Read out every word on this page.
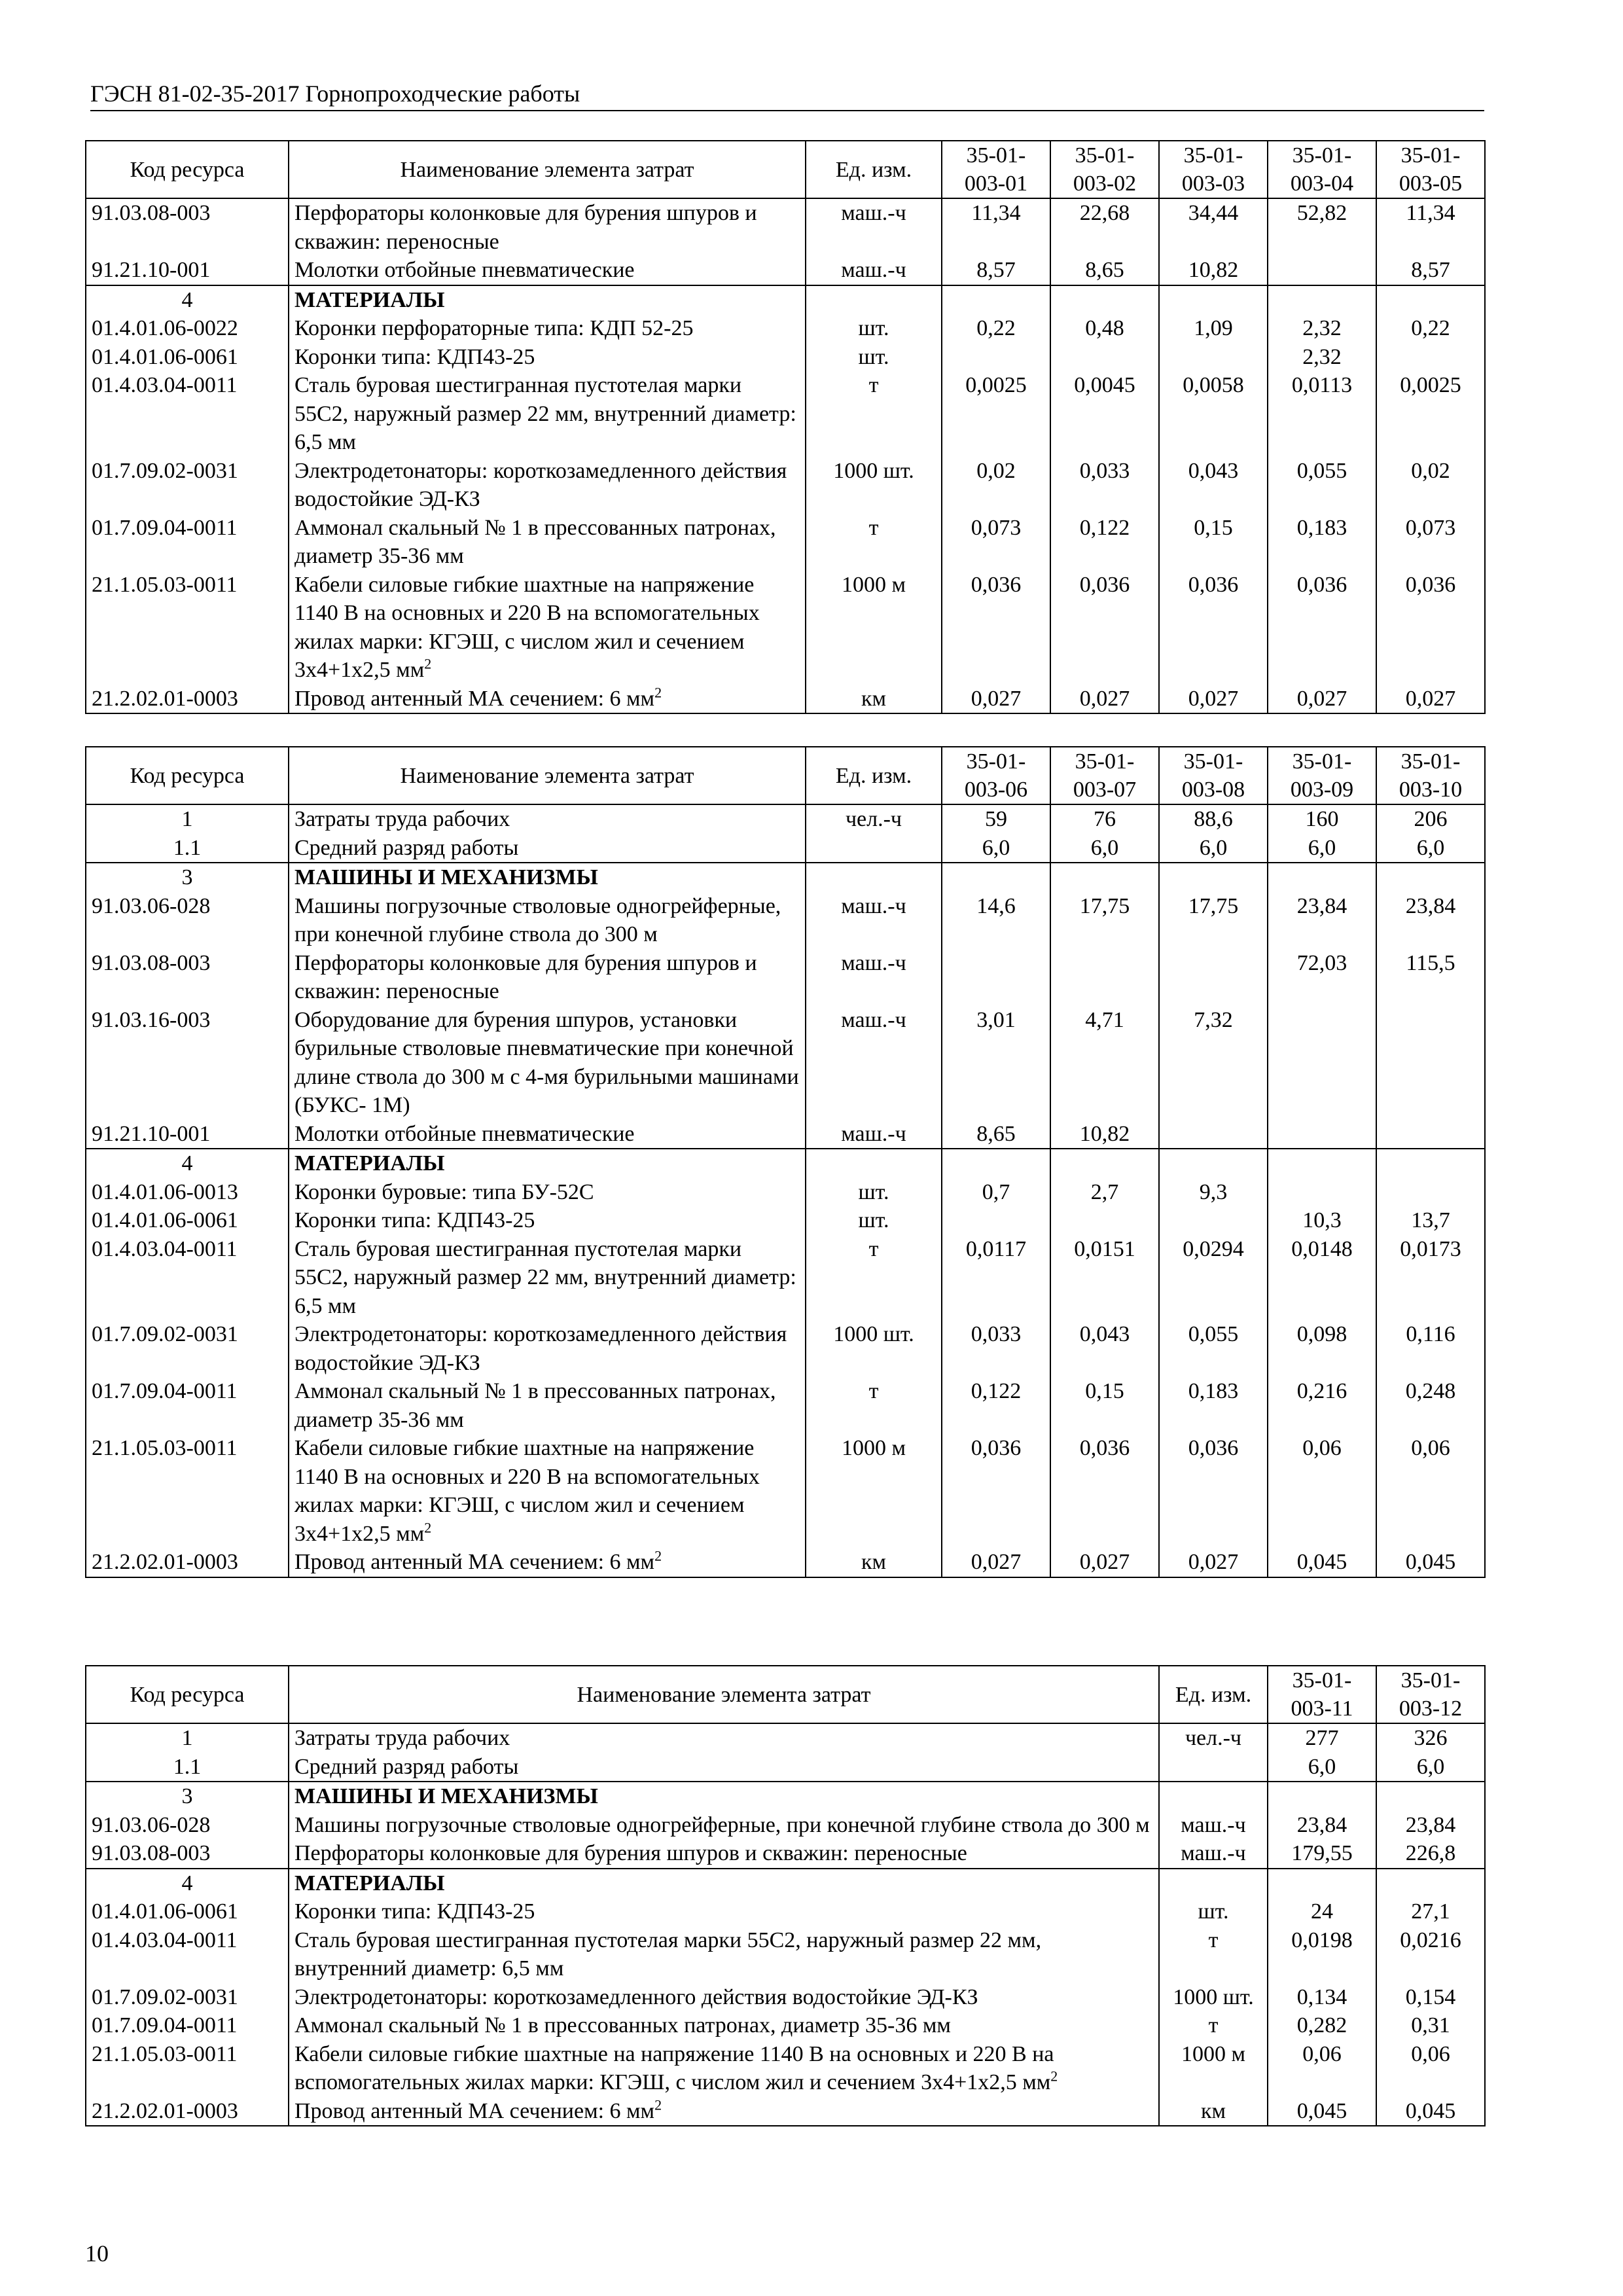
ГЭСН 81-02-35-2017 Горнопроходческие работы
Код ресурса	Наименование элемента затрат	Ед. изм.	35-01-003-01	35-01-003-02	35-01-003-03	35-01-003-04	35-01-003-05
91.03.08-003	Перфораторы колонковые для бурения шпуров и скважин: переносные	маш.-ч	11,34	22,68	34,44	52,82	11,34
91.21.10-001	Молотки отбойные пневматические	маш.-ч	8,57	8,65	10,82		8,57
4	МАТЕРИАЛЫ						
01.4.01.06-0022	Коронки перфораторные типа: КДП 52-25	шт.	0,22	0,48	1,09	2,32	0,22
01.4.01.06-0061	Коронки типа: КДП43-25	шт.				2,32	
01.4.03.04-0011	Сталь буровая шестигранная пустотелая марки 55С2, наружный размер 22 мм, внутренний диаметр: 6,5 мм	т	0,0025	0,0045	0,0058	0,0113	0,0025
01.7.09.02-0031	Электродетонаторы: короткозамедленного действия водостойкие ЭД-КЗ	1000 шт.	0,02	0,033	0,043	0,055	0,02
01.7.09.04-0011	Аммонал скальный № 1 в прессованных патронах, диаметр 35-36 мм	т	0,073	0,122	0,15	0,183	0,073
21.1.05.03-0011	Кабели силовые гибкие шахтные на напряжение 1140 В на основных и 220 В на вспомогательных жилах марки: КГЭШ, с числом жил и сечением 3х4+1х2,5 $мм^2$	1000 м	0,036	0,036	0,036	0,036	0,036
21.2.02.01-0003	Провод антенный МА сечением: 6 $мм^2$	км	0,027	0,027	0,027	0,027	0,027
Код ресурса	Наименование элемента затрат	Ед. изм.	35-01-003-06	35-01-003-07	35-01-003-08	35-01-003-09	35-01-003-10
1	Затраты труда рабочих	чел.-ч	59	76	88,6	160	206
1.1	Средний разряд работы		6,0	6,0	6,0	6,0	6,0
3	МАШИНЫ И МЕХАНИЗМЫ						
91.03.06-028	Машины погрузочные стволовые одногрейферные, при конечной глубине ствола до 300 м	маш.-ч	14,6	17,75	17,75	23,84	23,84
91.03.08-003	Перфораторы колонковые для бурения шпуров и скважин: переносные	маш.-ч				72,03	115,5
91.03.16-003	Оборудование для бурения шпуров, установки бурильные стволовые пневматические при конечной длине ствола до 300 м с 4-мя бурильными машинами (БУКС- 1М)	маш.-ч	3,01	4,71	7,32		
91.21.10-001	Молотки отбойные пневматические	маш.-ч	8,65	10,82			
4	МАТЕРИАЛЫ						
01.4.01.06-0013	Коронки буровые: типа БУ-52С	шт.	0,7	2,7	9,3		
01.4.01.06-0061	Коронки типа: КДП43-25	шт.				10,3	13,7
01.4.03.04-0011	Сталь буровая шестигранная пустотелая марки 55С2, наружный размер 22 мм, внутренний диаметр: 6,5 мм	т	0,0117	0,0151	0,0294	0,0148	0,0173
01.7.09.02-0031	Электродетонаторы: короткозамедленного действия водостойкие ЭД-КЗ	1000 шт.	0,033	0,043	0,055	0,098	0,116
01.7.09.04-0011	Аммонал скальный № 1 в прессованных патронах, диаметр 35-36 мм	т	0,122	0,15	0,183	0,216	0,248
21.1.05.03-0011	Кабели силовые гибкие шахтные на напряжение 1140 В на основных и 220 В на вспомогательных жилах марки: КГЭШ, с числом жил и сечением 3х4+1х2,5 $мм^2$	1000 м	0,036	0,036	0,036	0,06	0,06
21.2.02.01-0003	Провод антенный МА сечением: 6 $мм^2$	км	0,027	0,027	0,027	0,045	0,045
Код ресурса	Наименование элемента затрат	Ед. изм.	35-01-003-11	35-01-003-12
1	Затраты труда рабочих	чел.-ч	277	326
1.1	Средний разряд работы		6,0	6,0
3	МАШИНЫ И МЕХАНИЗМЫ			
91.03.06-028	Машины погрузочные стволовые одногрейферные, при конечной глубине ствола до 300 м	маш.-ч	23,84	23,84
91.03.08-003	Перфораторы колонковые для бурения шпуров и скважин: переносные	маш.-ч	179,55	226,8
4	МАТЕРИАЛЫ			
01.4.01.06-0061	Коронки типа: КДП43-25	шт.	24	27,1
01.4.03.04-0011	Сталь буровая шестигранная пустотелая марки 55С2, наружный размер 22 мм, внутренний диаметр: 6,5 мм	т	0,0198	0,0216
01.7.09.02-0031	Электродетонаторы: короткозамедленного действия водостойкие ЭД-КЗ	1000 шт.	0,134	0,154
01.7.09.04-0011	Аммонал скальный № 1 в прессованных патронах, диаметр 35-36 мм	т	0,282	0,31
21.1.05.03-0011	Кабели силовые гибкие шахтные на напряжение 1140 В на основных и 220 В на вспомогательных жилах марки: КГЭШ, с числом жил и сечением 3х4+1х2,5 $мм^2$	1000 м	0,06	0,06
21.2.02.01-0003	Провод антенный МА сечением: 6 $мм^2$	км	0,045	0,045
10
